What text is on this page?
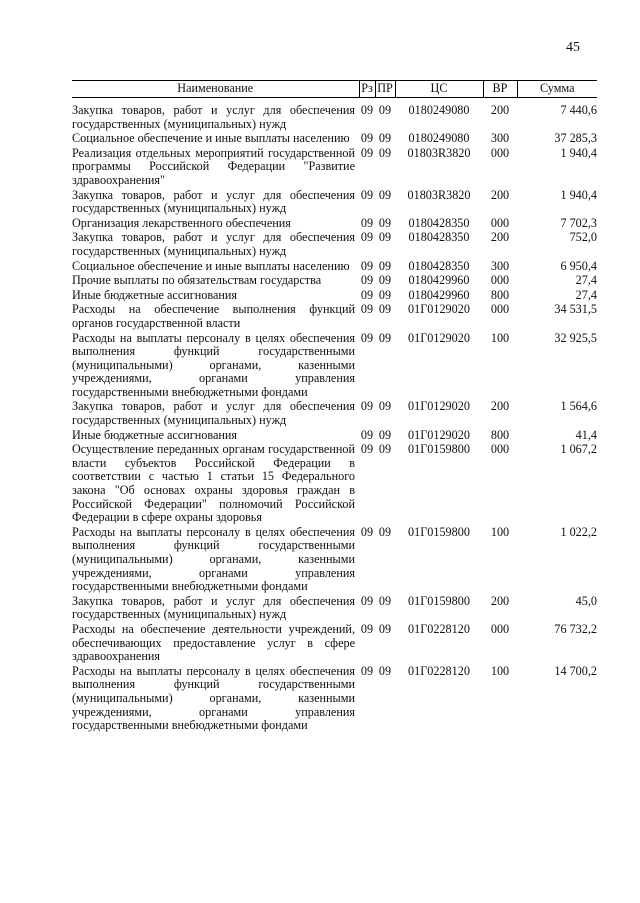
45
Наименование	Рз	ПР	ЦС	ВР	Сумма
Закупка товаров, работ и услуг для обеспечения государственных (муниципальных) нужд	09	09	0180249080	200	7 440,6
Социальное обеспечение и иные выплаты населению	09	09	0180249080	300	37 285,3
Реализация отдельных мероприятий государственной программы Российской Федерации "Развитие здравоохранения"	09	09	01803R3820	000	1 940,4
Закупка товаров, работ и услуг для обеспечения государственных (муниципальных) нужд	09	09	01803R3820	200	1 940,4
Организация лекарственного обеспечения	09	09	0180428350	000	7 702,3
Закупка товаров, работ и услуг для обеспечения государственных (муниципальных) нужд	09	09	0180428350	200	752,0
Социальное обеспечение и иные выплаты населению	09	09	0180428350	300	6 950,4
Прочие выплаты по обязательствам государства	09	09	0180429960	000	27,4
Иные бюджетные ассигнования	09	09	0180429960	800	27,4
Расходы на обеспечение выполнения функций органов государственной власти	09	09	01Г0129020	000	34 531,5
Расходы на выплаты персоналу в целях обеспечения выполнения функций государственными (муниципальными) органами, казенными учреждениями, органами управления государственными внебюджетными фондами	09	09	01Г0129020	100	32 925,5
Закупка товаров, работ и услуг для обеспечения государственных (муниципальных) нужд	09	09	01Г0129020	200	1 564,6
Иные бюджетные ассигнования	09	09	01Г0129020	800	41,4
Осуществление переданных органам государственной власти субъектов Российской Федерации в соответствии с частью 1 статьи 15 Федерального закона "Об основах охраны здоровья граждан в Российской Федерации" полномочий Российской Федерации в сфере охраны здоровья	09	09	01Г0159800	000	1 067,2
Расходы на выплаты персоналу в целях обеспечения выполнения функций государственными (муниципальными) органами, казенными учреждениями, органами управления государственными внебюджетными фондами	09	09	01Г0159800	100	1 022,2
Закупка товаров, работ и услуг для обеспечения государственных (муниципальных) нужд	09	09	01Г0159800	200	45,0
Расходы на обеспечение деятельности учреждений, обеспечивающих предоставление услуг в сфере здравоохранения	09	09	01Г0228120	000	76 732,2
Расходы на выплаты персоналу в целях обеспечения выполнения функций государственными (муниципальными) органами, казенными учреждениями, органами управления государственными внебюджетными фондами	09	09	01Г0228120	100	14 700,2
